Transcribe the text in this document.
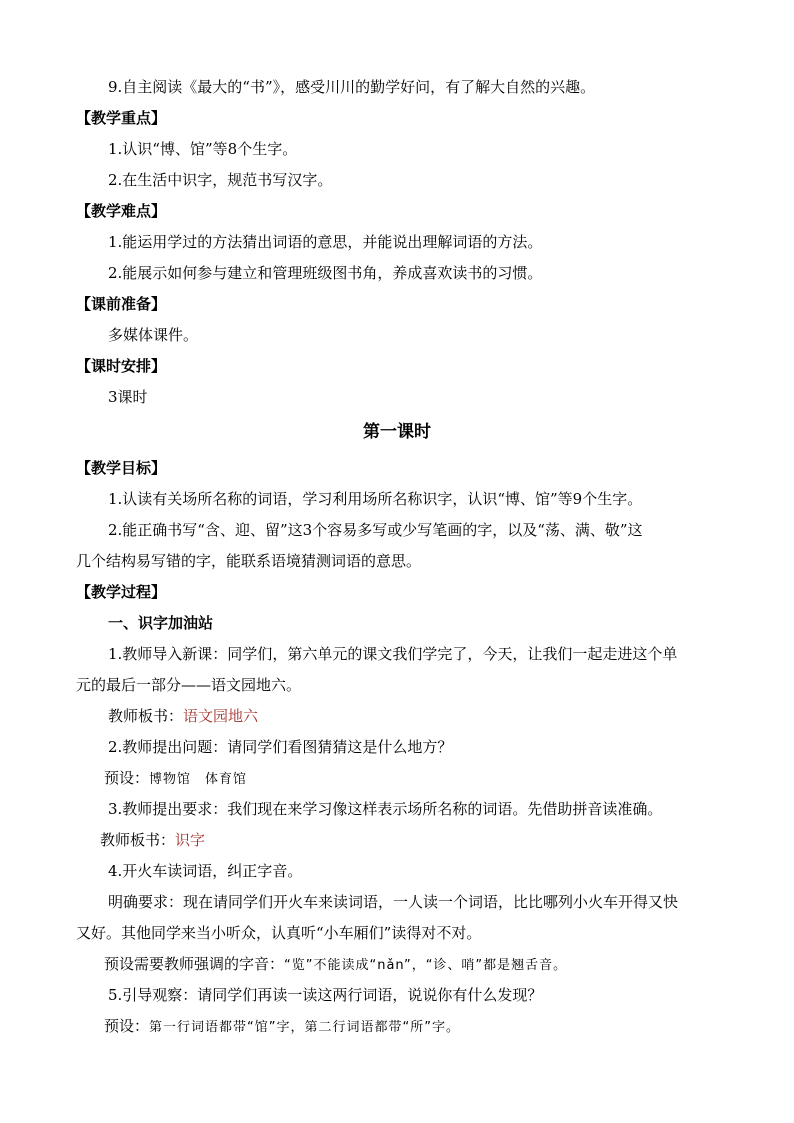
9.自主阅读《最大的“书”》，感受川川的勤学好问，有了解大自然的兴趣。
【教学重点】
1.认识“博、馆”等8个生字。
2.在生活中识字，规范书写汉字。
【教学难点】
1.能运用学过的方法猜出词语的意思，并能说出理解词语的方法。
2.能展示如何参与建立和管理班级图书角，养成喜欢读书的习惯。
【课前准备】
多媒体课件。
【课时安排】
3课时
第一课时
【教学目标】
1.认读有关场所名称的词语，学习利用场所名称识字，认识“博、馆”等9个生字。
2.能正确书写“含、迎、留”这3个容易多写或少写笔画的字，以及“荡、满、敬”这
几个结构易写错的字，能联系语境猜测词语的意思。
【教学过程】
一、识字加油站
1.教师导入新课：同学们，第六单元的课文我们学完了，今天，让我们一起走进这个单
元的最后一部分——语文园地六。
教师板书：语文园地六
2.教师提出问题：请同学们看图猜猜这是什么地方？
预设：博物馆　体育馆
3.教师提出要求：我们现在来学习像这样表示场所名称的词语。先借助拼音读准确。
教师板书：识字
4.开火车读词语，纠正字音。
明确要求：现在请同学们开火车来读词语，一人读一个词语，比比哪列小火车开得又快
又好。其他同学来当小听众，认真听“小车厢们”读得对不对。
预设需要教师强调的字音：“览”不能读成“nǎn”，“诊、哨”都是翘舌音。
5.引导观察：请同学们再读一读这两行词语，说说你有什么发现？
预设：第一行词语都带“馆”字，第二行词语都带“所”字。
